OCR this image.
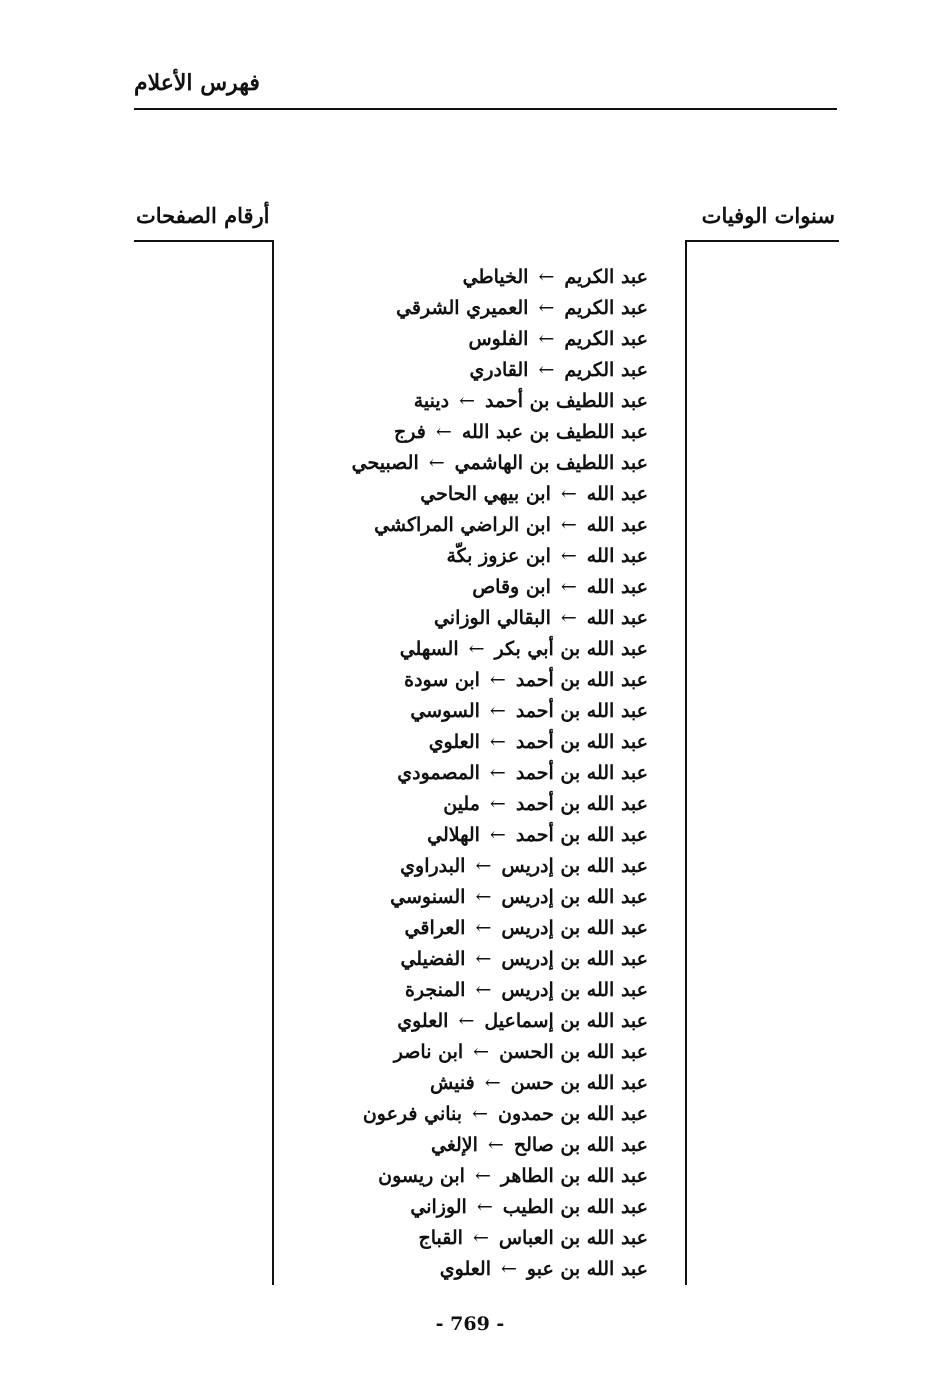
فهرس الأعلام
أرقام الصفحات	سنوات الوفيات
عبد الكريم←الخياطي
عبد الكريم←العميري الشرقي
عبد الكريم←الفلوس
عبد الكريم←القادري
عبد اللطيف بن أحمد←دينية
عبد اللطيف بن عبد الله←فرج
عبد اللطيف بن الهاشمي←الصبيحي
عبد الله←ابن بيهي الحاحي
عبد الله←ابن الراضي المراكشي
عبد الله←ابن عزوز بكّة
عبد الله←ابن وقاص
عبد الله←البقالي الوزاني
عبد الله بن أبي بكر←السهلي
عبد الله بن أحمد←ابن سودة
عبد الله بن أحمد←السوسي
عبد الله بن أحمد←العلوي
عبد الله بن أحمد←المصمودي
عبد الله بن أحمد←ملين
عبد الله بن أحمد←الهلالي
عبد الله بن إدريس←البدراوي
عبد الله بن إدريس←السنوسي
عبد الله بن إدريس←العراقي
عبد الله بن إدريس←الفضيلي
عبد الله بن إدريس←المنجرة
عبد الله بن إسماعيل←العلوي
عبد الله بن الحسن←ابن ناصر
عبد الله بن حسن←فنيش
عبد الله بن حمدون←بناني فرعون
عبد الله بن صالح←الإلغي
عبد الله بن الطاهر←ابن ريسون
عبد الله بن الطيب←الوزاني
عبد الله بن العباس←القباج
عبد الله بن عبو←العلوي
- 769 -
